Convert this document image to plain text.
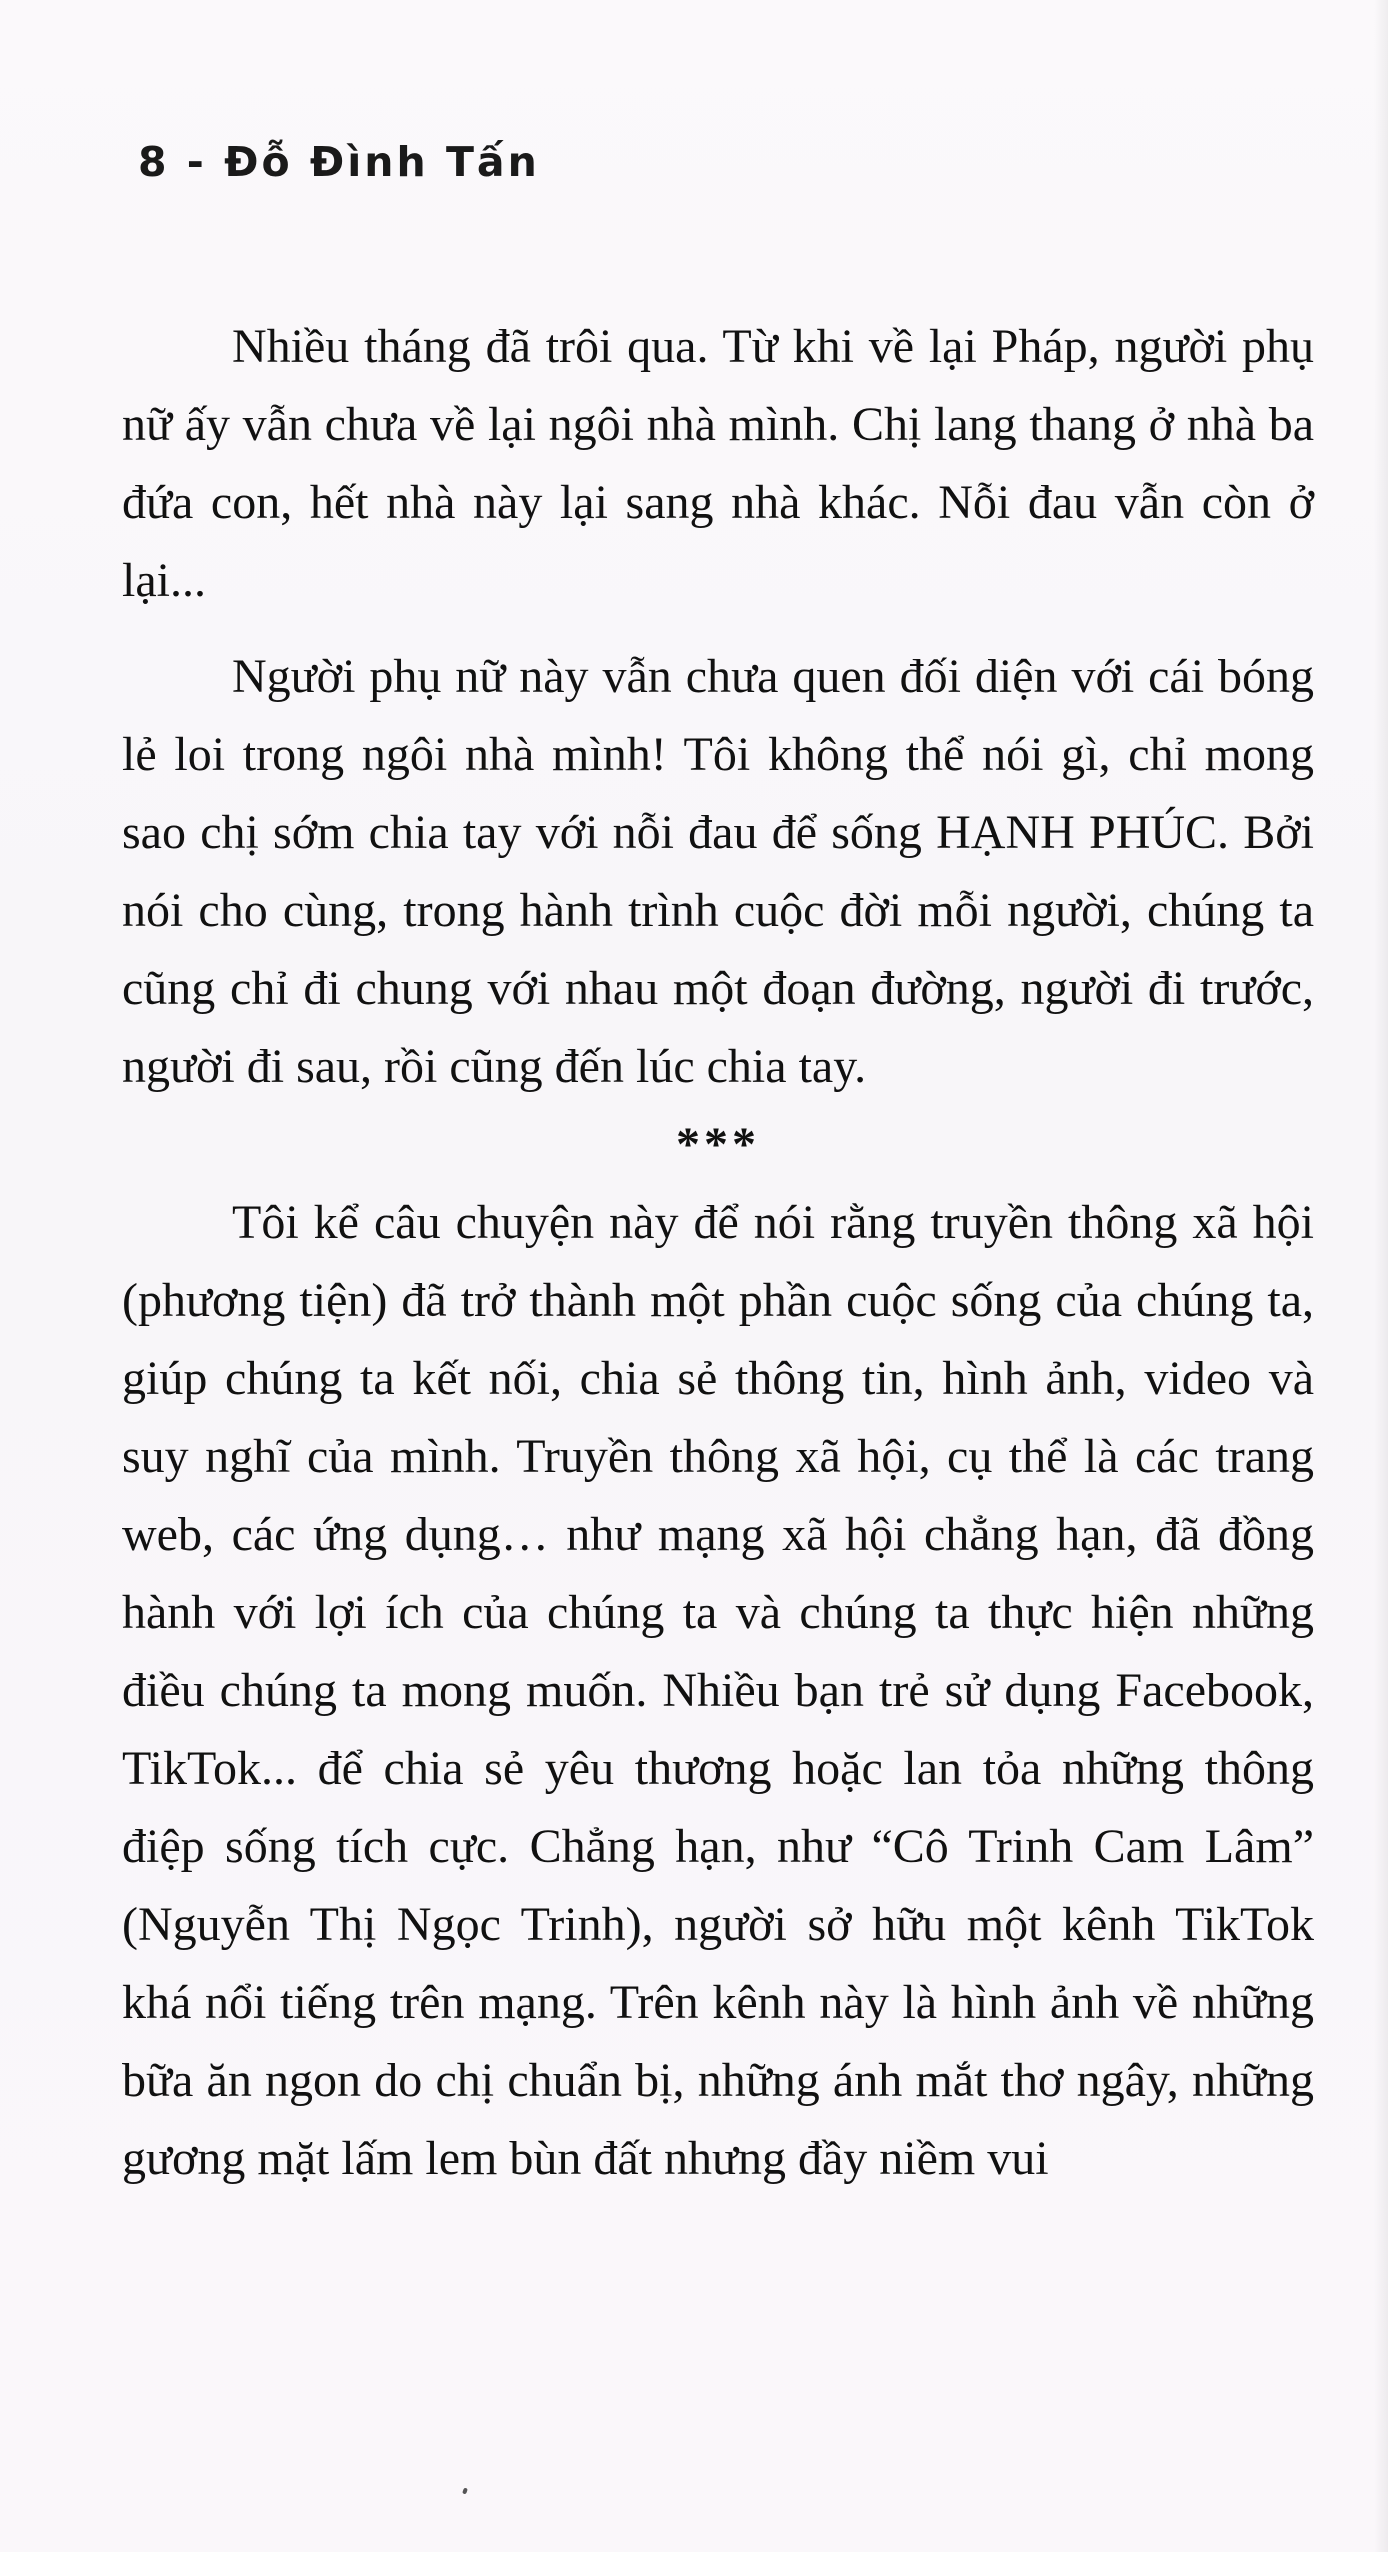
8 - Đỗ Đình Tấn

Nhiều tháng đã trôi qua. Từ khi về lại Pháp, người phụ nữ ấy vẫn chưa về lại ngôi nhà mình. Chị lang thang ở nhà ba đứa con, hết nhà này lại sang nhà khác. Nỗi đau vẫn còn ở lại...

Người phụ nữ này vẫn chưa quen đối diện với cái bóng lẻ loi trong ngôi nhà mình! Tôi không thể nói gì, chỉ mong sao chị sớm chia tay với nỗi đau để sống HẠNH PHÚC. Bởi nói cho cùng, trong hành trình cuộc đời mỗi người, chúng ta cũng chỉ đi chung với nhau một đoạn đường, người đi trước, người đi sau, rồi cũng đến lúc chia tay.

***

Tôi kể câu chuyện này để nói rằng truyền thông xã hội (phương tiện) đã trở thành một phần cuộc sống của chúng ta, giúp chúng ta kết nối, chia sẻ thông tin, hình ảnh, video và suy nghĩ của mình. Truyền thông xã hội, cụ thể là các trang web, các ứng dụng… như mạng xã hội chẳng hạn, đã đồng hành với lợi ích của chúng ta và chúng ta thực hiện những điều chúng ta mong muốn. Nhiều bạn trẻ sử dụng Facebook, TikTok... để chia sẻ yêu thương hoặc lan tỏa những thông điệp sống tích cực. Chẳng hạn, như “Cô Trinh Cam Lâm” (Nguyễn Thị Ngọc Trinh), người sở hữu một kênh TikTok khá nổi tiếng trên mạng. Trên kênh này là hình ảnh về những bữa ăn ngon do chị chuẩn bị, những ánh mắt thơ ngây, những gương mặt lấm lem bùn đất nhưng đầy niềm vui
